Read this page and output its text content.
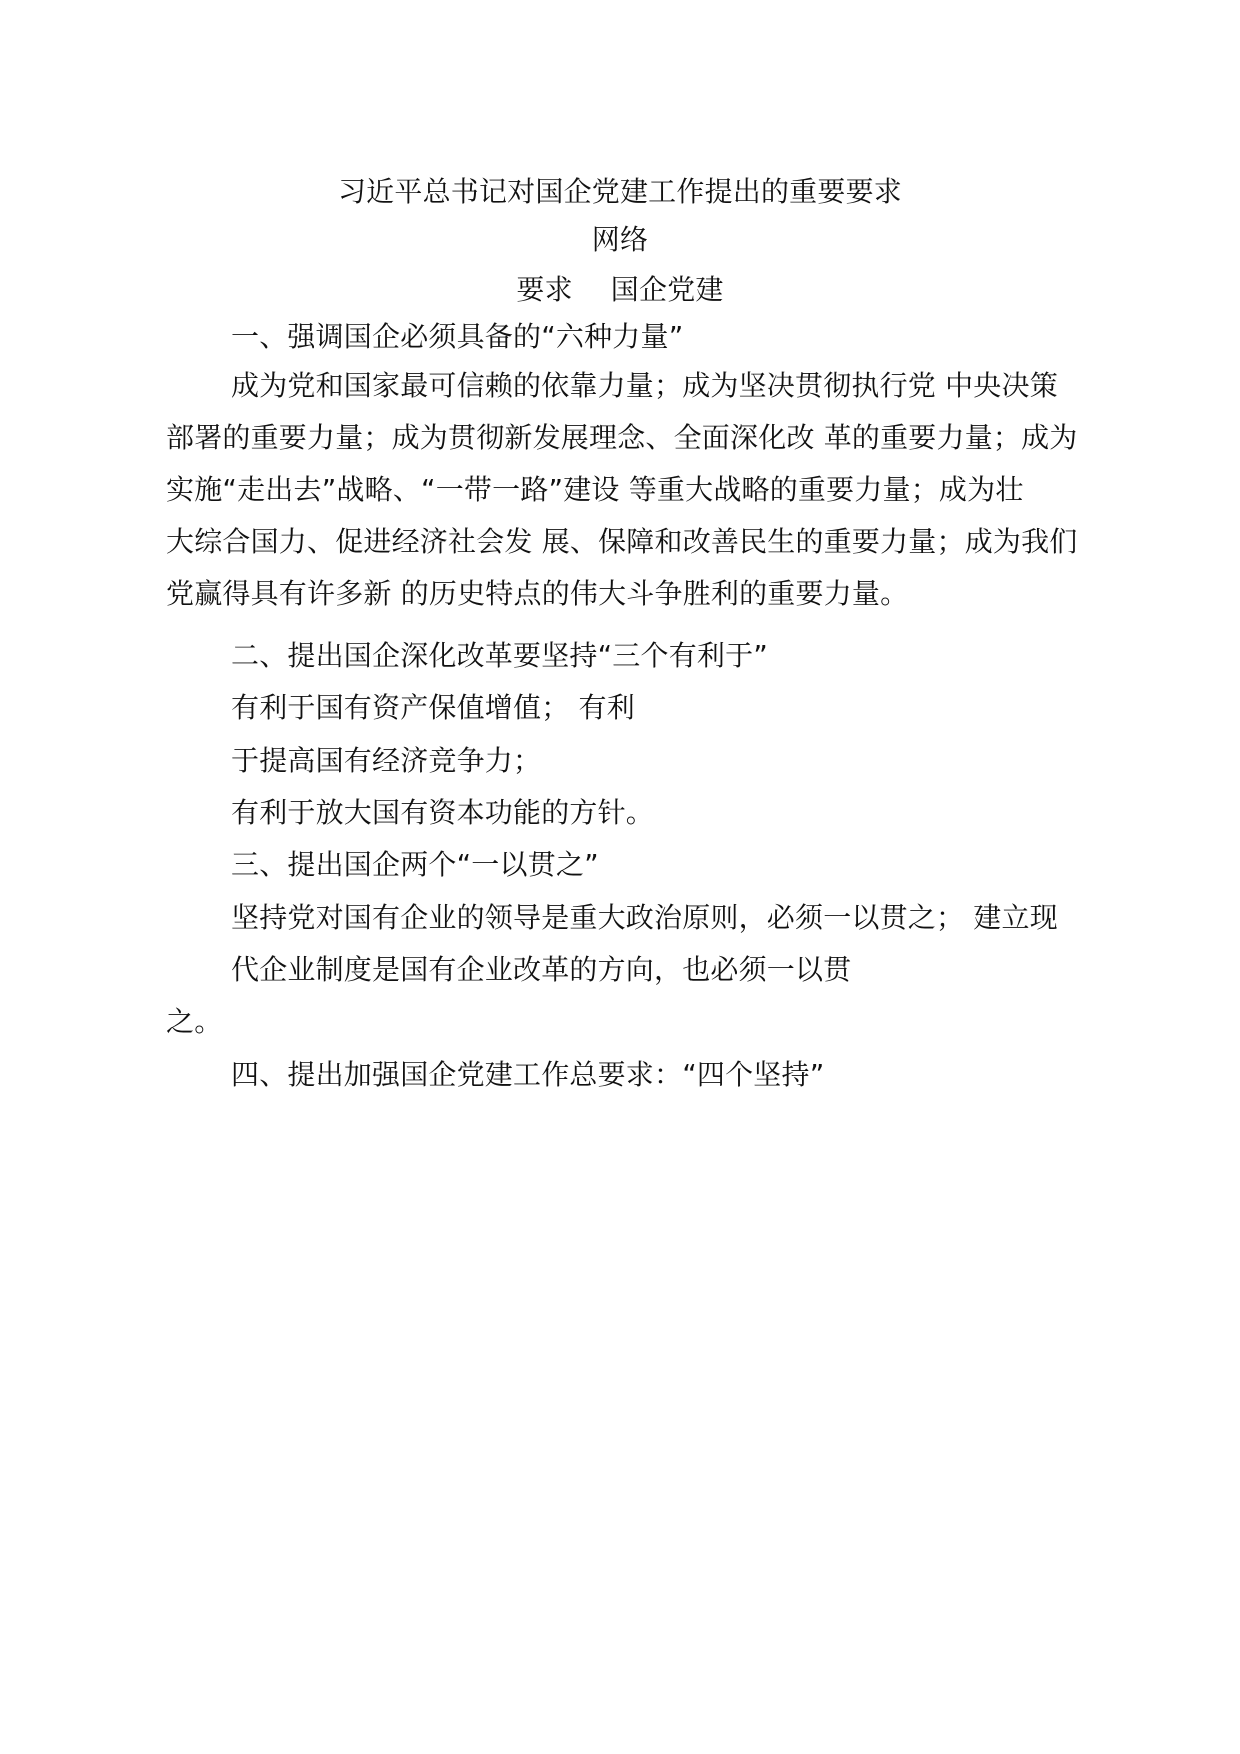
习近平总书记对国企党建工作提出的重要要求
网络
要求 国企党建
一、强调国企必须具备的“六种力量”
成为党和国家最可信赖的依靠力量；成为坚决贯彻执行党 中央决策
部署的重要力量；成为贯彻新发展理念、全面深化改 革的重要力量；成为
实施“走出去”战略、“一带一路”建设 等重大战略的重要力量；成为壮
大综合国力、促进经济社会发 展、保障和改善民生的重要力量；成为我们
党赢得具有许多新 的历史特点的伟大斗争胜利的重要力量。
二、提出国企深化改革要坚持“三个有利于”
有利于国有资产保值增值； 有利
于提高国有经济竞争力；
有利于放大国有资本功能的方针。
三、提出国企两个“一以贯之”
坚持党对国有企业的领导是重大政治原则，必须一以贯之； 建立现
代企业制度是国有企业改革的方向，也必须一以贯
之。
四、提出加强国企党建工作总要求：“四个坚持”
